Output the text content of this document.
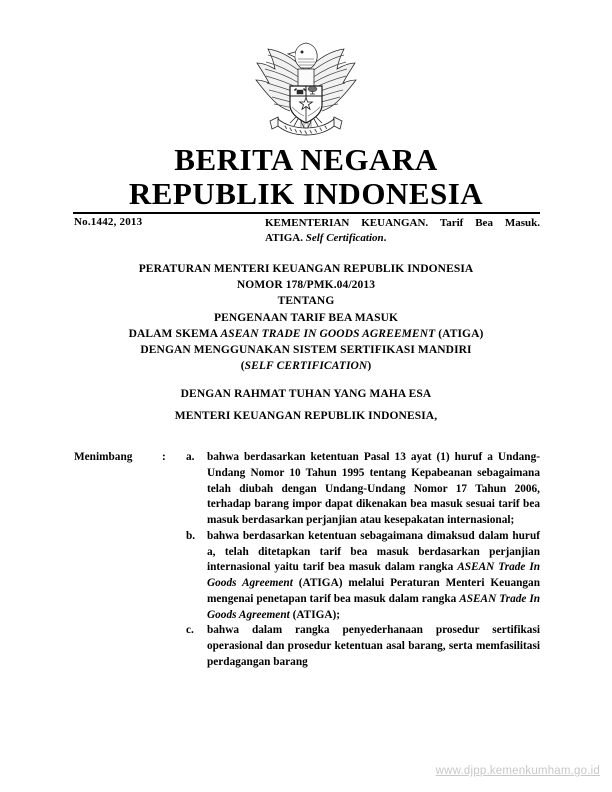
BERITA NEGARA
REPUBLIK INDONESIA
No.1442, 2013	KEMENTERIAN KEUANGAN. Tarif Bea Masuk. ATIGA. Self Certification.
PERATURAN MENTERI KEUANGAN REPUBLIK INDONESIA
NOMOR 178/PMK.04/2013
TENTANG
PENGENAAN TARIF BEA MASUK
DALAM SKEMA ASEAN TRADE IN GOODS AGREEMENT (ATIGA)
DENGAN MENGGUNAKAN SISTEM SERTIFIKASI MANDIRI
(SELF CERTIFICATION)
DENGAN RAHMAT TUHAN YANG MAHA ESA
MENTERI KEUANGAN REPUBLIK INDONESIA,
Menimbang	:	a.	bahwa berdasarkan ketentuan Pasal 13 ayat (1) huruf a Undang-Undang Nomor 10 Tahun 1995 tentang Kepabeanan sebagaimana telah diubah dengan Undang-Undang Nomor 17 Tahun 2006, terhadap barang impor dapat dikenakan bea masuk sesuai tarif bea masuk berdasarkan perjanjian atau kesepakatan internasional;
b.	bahwa berdasarkan ketentuan sebagaimana dimaksud dalam huruf a, telah ditetapkan tarif bea masuk berdasarkan perjanjian internasional yaitu tarif bea masuk dalam rangka ASEAN Trade In Goods Agreement (ATIGA) melalui Peraturan Menteri Keuangan mengenai penetapan tarif bea masuk dalam rangka ASEAN Trade In Goods Agreement (ATIGA);
c.	bahwa dalam rangka penyederhanaan prosedur sertifikasi operasional dan prosedur ketentuan asal barang, serta memfasilitasi perdagangan barang
www.djpp.kemenkumham.go.id
